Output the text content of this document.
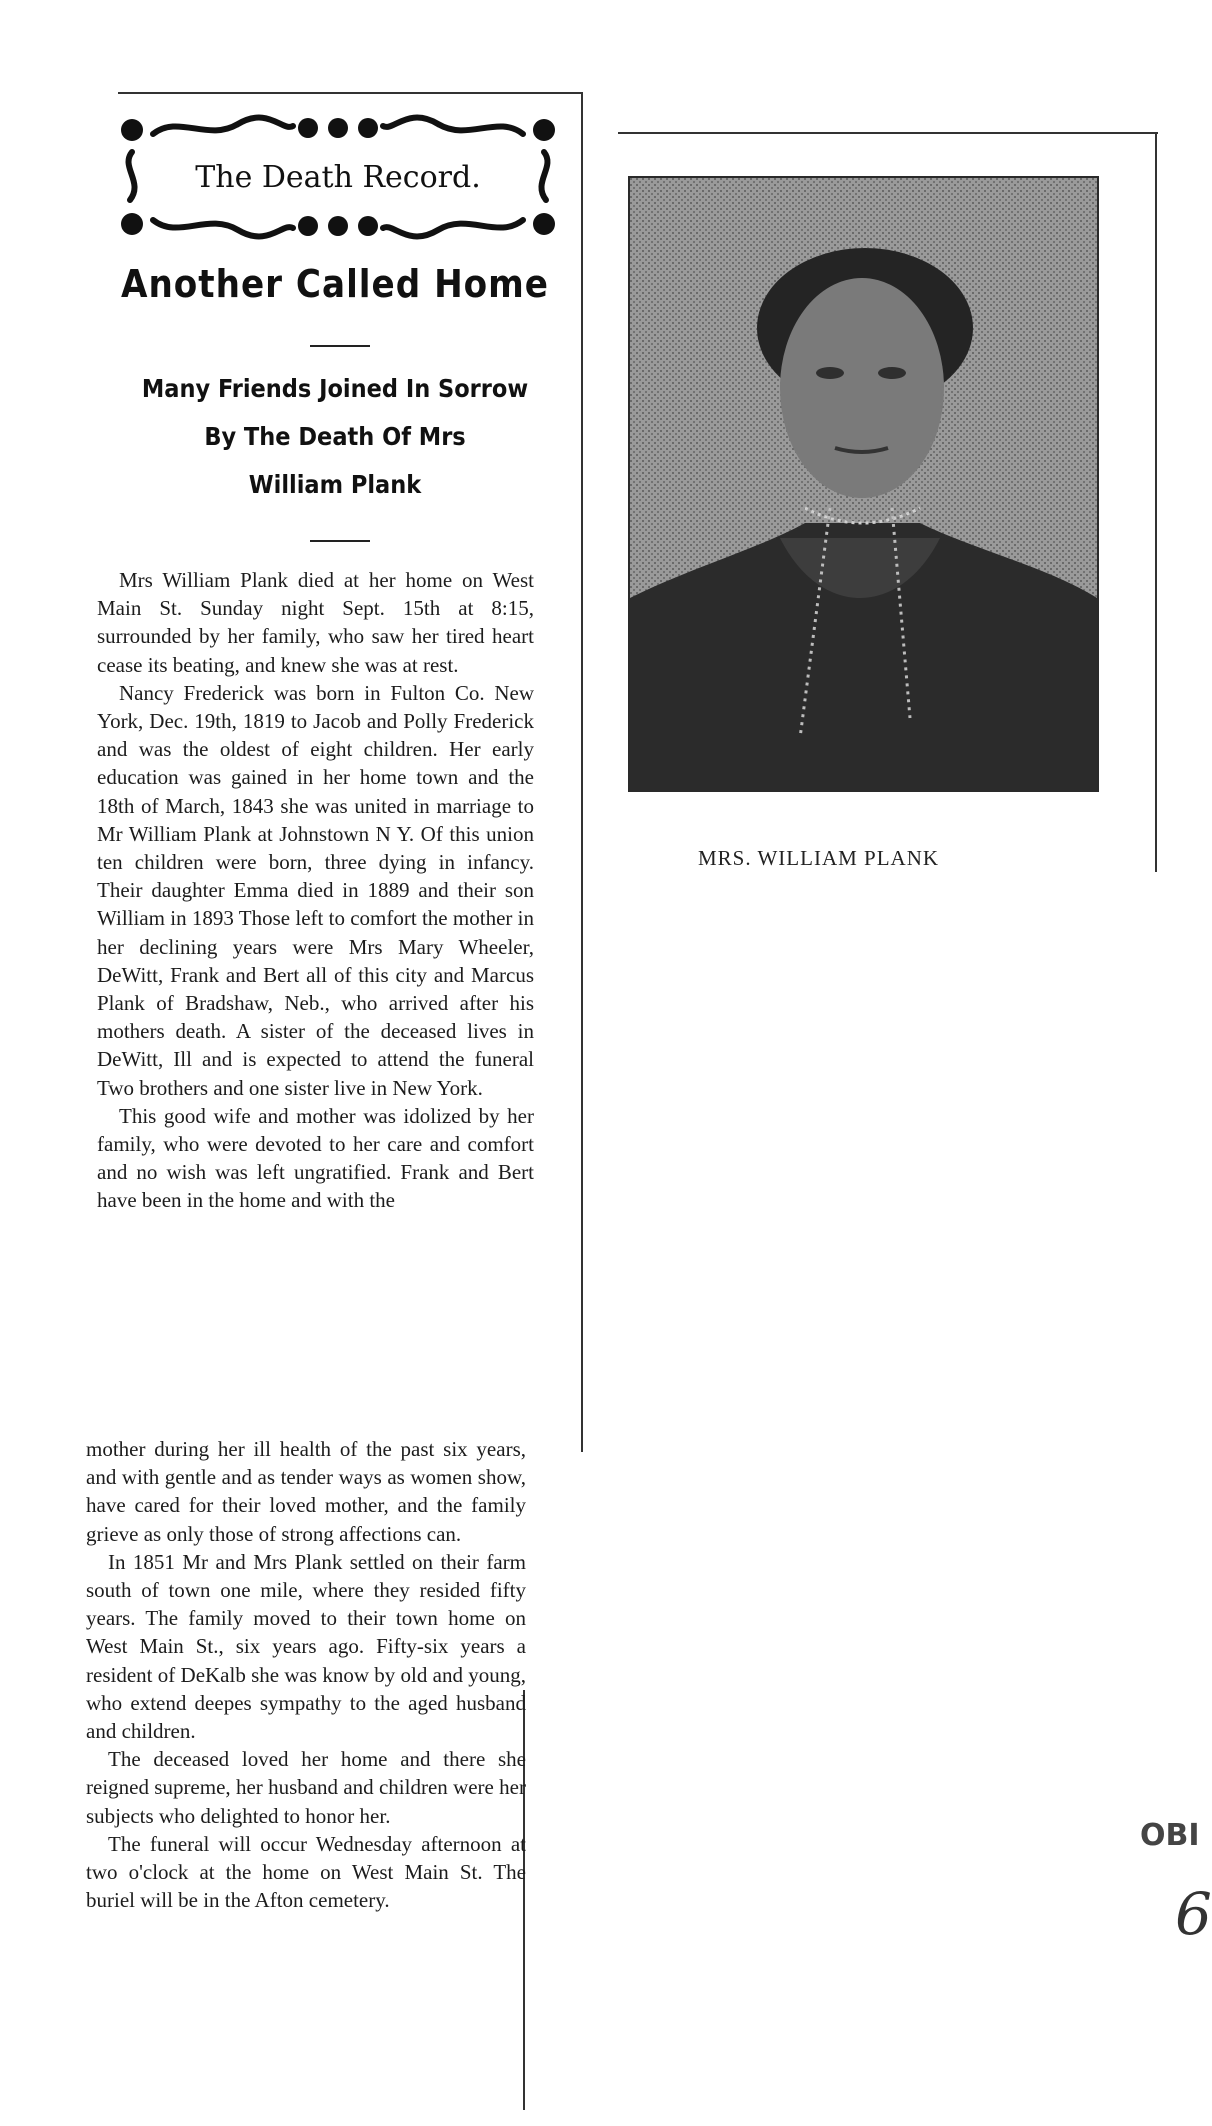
The Death Record.
Another Called Home
Many Friends Joined In Sorrow
By The Death Of Mrs
William Plank

Mrs William Plank died at her home on West Main St. Sunday night Sept. 15th at 8:15, surrounded by her family, who saw her tired heart cease its beating, and knew she was at rest.

Nancy Frederick was born in Fulton Co. New York, Dec. 19th, 1819 to Jacob and Polly Frederick and was the oldest of eight children. Her early education was gained in her home town and the 18th of March, 1843 she was united in marriage to Mr William Plank at Johnstown N Y. Of this union ten children were born, three dying in infancy. Their daughter Emma died in 1889 and their son William in 1893 Those left to comfort the mother in her declining years were Mrs Mary Wheeler, DeWitt, Frank and Bert all of this city and Marcus Plank of Bradshaw, Neb., who arrived after his mothers death. A sister of the deceased lives in DeWitt, Ill and is expected to attend the funeral Two brothers and one sister live in New York.

This good wife and mother was idolized by her family, who were devoted to her care and comfort and no wish was left ungratified. Frank and Bert have been in the home and with the

mother during her ill health of the past six years, and with gentle and as tender ways as women show, have cared for their loved mother, and the family grieve as only those of strong affections can.

In 1851 Mr and Mrs Plank settled on their farm south of town one mile, where they resided fifty years. The family moved to their town home on West Main St., six years ago. Fifty-six years a resident of DeKalb she was know by old and young, who extend deepes sympathy to the aged husband and children.

The deceased loved her home and there she reigned supreme, her husband and children were her subjects who delighted to honor her.

The funeral will occur Wednesday afternoon at two o'clock at the home on West Main St. The buriel will be in the Afton cemetery.

MRS. WILLIAM PLANK
OBI
6
